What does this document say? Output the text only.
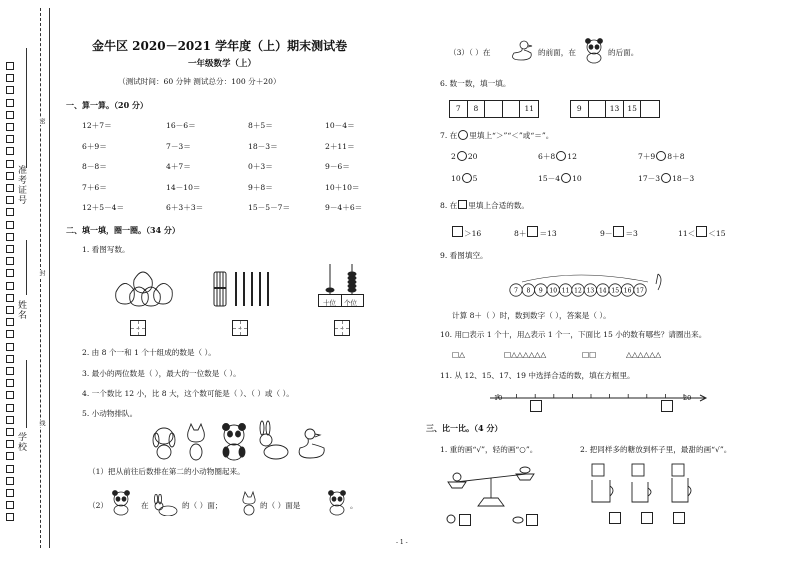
准考证号
姓名
学校
密
封
线
金牛区 2020－2021 学年度（上）期末测试卷
一年级数学（上）
（测试时间：60 分钟 测试总分：100 分＋20）
一、算一算。（20 分）
12＋7＝	16－6＝	8＋5＝	10－4＝
6＋9＝	7－3＝	18－3＝	2＋11＝
8－8＝	4＋7＝	0＋3＝	9－6＝
7＋6＝	14－10＝	9＋8＝	10＋10＝
12＋5－4＝	6＋3＋3＝	15－5－7＝	9－4＋6＝
二、填一填，圈一圈。（34 分）
1. 看图写数。
十位 个位
2. 由 8 个一和 1 个十组成的数是（ ）。
3. 最小的两位数是（ ），最大的一位数是（ ）。
4. 一个数比 12 小，比 8 大，这个数可能是（ ）、（ ）或（ ）。
5. 小动物排队。
（1）把从前往后数排在第二的小动物圈起来。
（2）	在	的（ ）面；	的（ ）面是	。
（3）（ ）在	的前面，在	的后面。
6. 数一数，填一填。
7	8	11	9	13	15
7. 在 里填上“＞”“＜”或“＝”。
2 20	6＋8 12	7＋9 8＋8
10 5	15－4 10	17－3 18－3
8. 在 里填上合适的数。
＞16	8＋ ＝13	9－ ＝3	11＜ ＜15
9. 看图填空。
7 8 9 10 11 12 13 14 15 16 17
计算 8＋（ ）时，数到数字（ ），答案是（ ）。
10. 用□表示 1 个十，用△表示 1 个一，下面比 15 小的数有哪些？请圈出来。
□△	□△△△△△△	□□	△△△△△△
11. 从 12、15、17、19 中选择合适的数，填在方框里。
10	20
三、比一比。（4 分）
1. 重的画“√”，轻的画“○”。	2. 把同样多的糖放到杯子里，最甜的画“√”。
- 1 -
